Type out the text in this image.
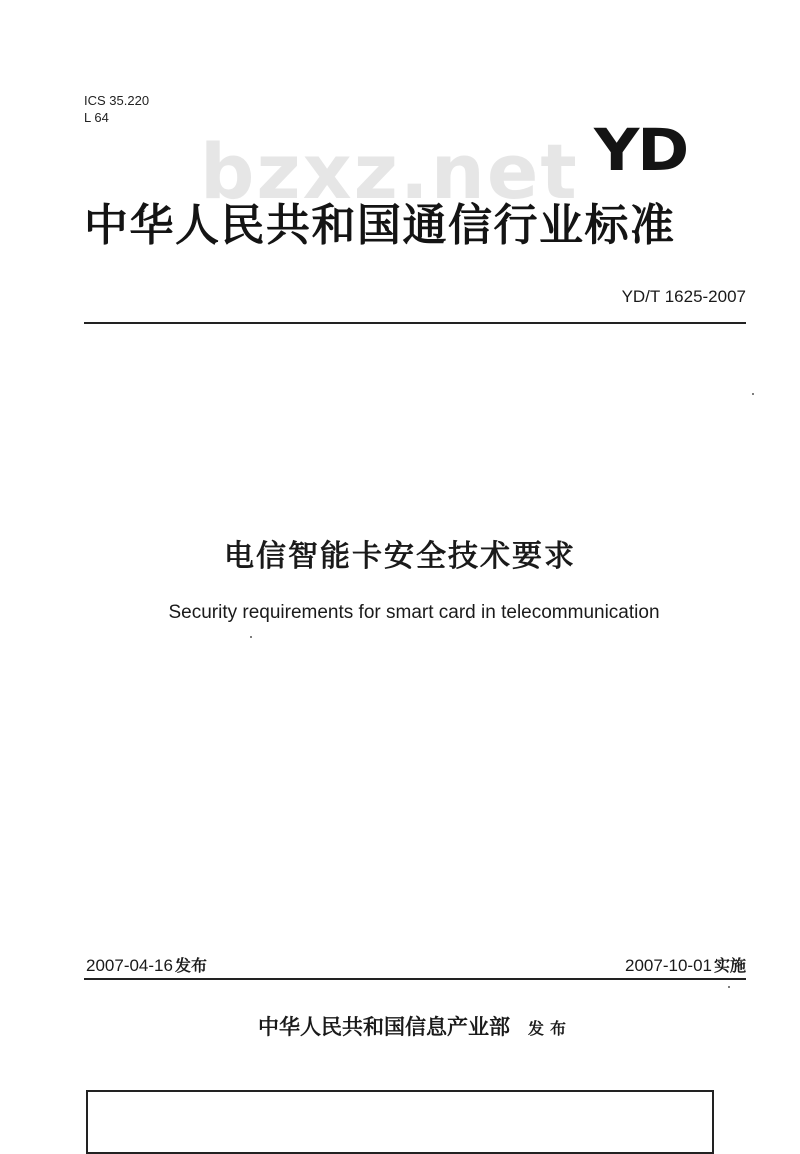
ICS 35.220
L 64
bzxz.net YD
中华人民共和国通信行业标准
YD/T 1625-2007
电信智能卡安全技术要求
Security requirements for smart card in telecommunication
2007-04-16 发布	2007-10-01 实施
中华人民共和国信息产业部 发布
